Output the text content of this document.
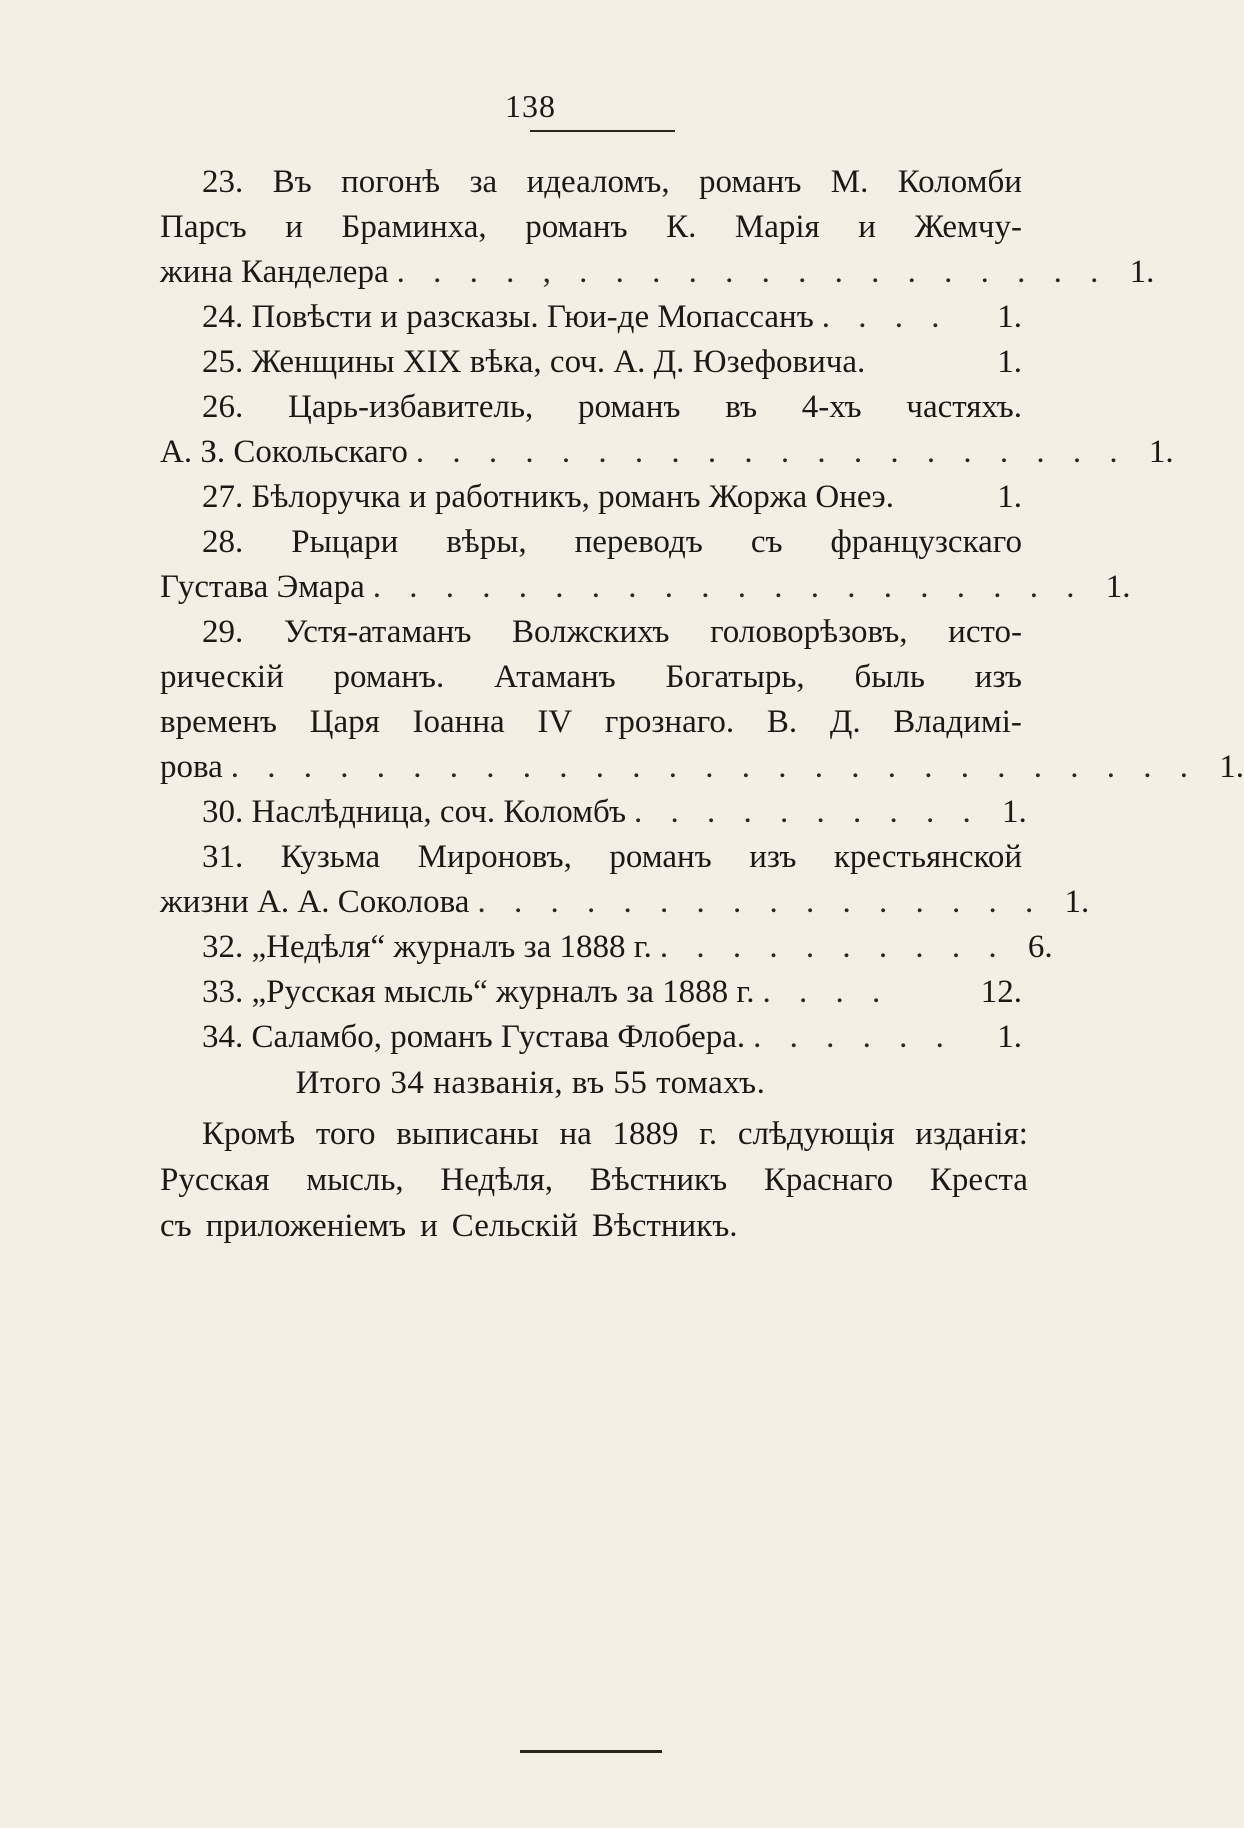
138
23. Въ погонѣ за идеаломъ, романъ М. Коломби
Парсъ и Браминха, романъ К. Марія и Жемчу-
жина Канделера . . . . , . . . . . . . . . . . . . . . 1.
24. Повѣсти и разсказы. Гюи-де Мопассанъ . . . .	1.
25. Женщины XIX вѣка, соч. А. Д. Юзефовича.	1.
26. Царь-избавитель, романъ въ 4-хъ частяхъ.
А. З. Сокольскаго . . . . . . . . . . . . . . . . . . . . 1.
27. Бѣлоручка и работникъ, романъ Жоржа Онеэ.	1.
28. Рыцари вѣры, переводъ съ французскаго
Густава Эмара . . . . . . . . . . . . . . . . . . . . 1.
29. Устя-атаманъ Волжскихъ головорѣзовъ, исто-
рическій романъ. Атаманъ Богатырь, быль изъ
временъ Царя Іоанна IV грознаго. В. Д. Владимі-
рова . . . . . . . . . . . . . . . . . . . . . . . . . . . 1.
30. Наслѣдница, соч. Коломбъ . . . . . . . . . . 1.
31. Кузьма Мироновъ, романъ изъ крестьянской
жизни А. А. Соколова . . . . . . . . . . . . . . . . 1.
32. „Недѣля“ журналъ за 1888 г. . . . . . . . . . . 6.
33. „Русская мысль“ журналъ за 1888 г. . . . .	12.
34. Саламбо, романъ Густава Флобера. . . . . . .	1.
Итого 34 названія, въ 55 томахъ.
Кромѣ того выписаны на 1889 г. слѣдующія изданія:
Русская мысль, Недѣля, Вѣстникъ Краснаго Креста
съ приложеніемъ и Сельскій Вѣстникъ.
